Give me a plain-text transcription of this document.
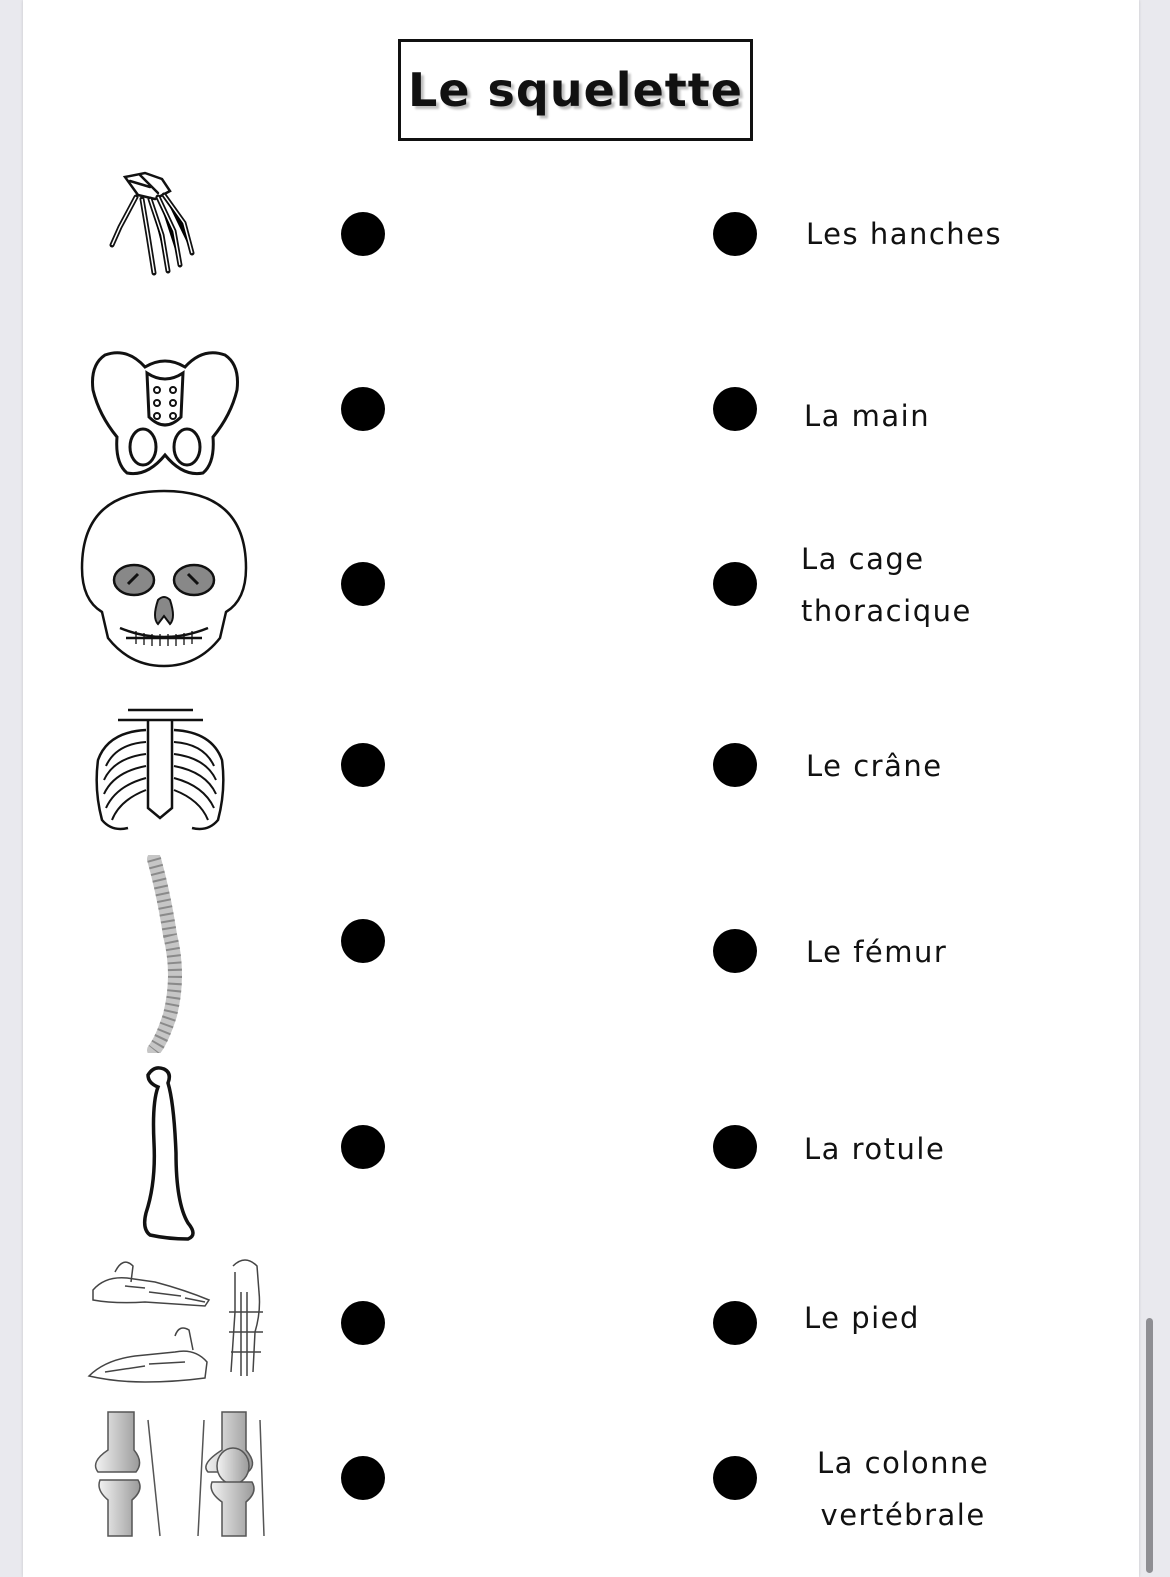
Le squelette
Les hanches
La main
La cage
thoracique
Le crâne
Le fémur
La rotule
Le pied
La colonne
vertébrale
